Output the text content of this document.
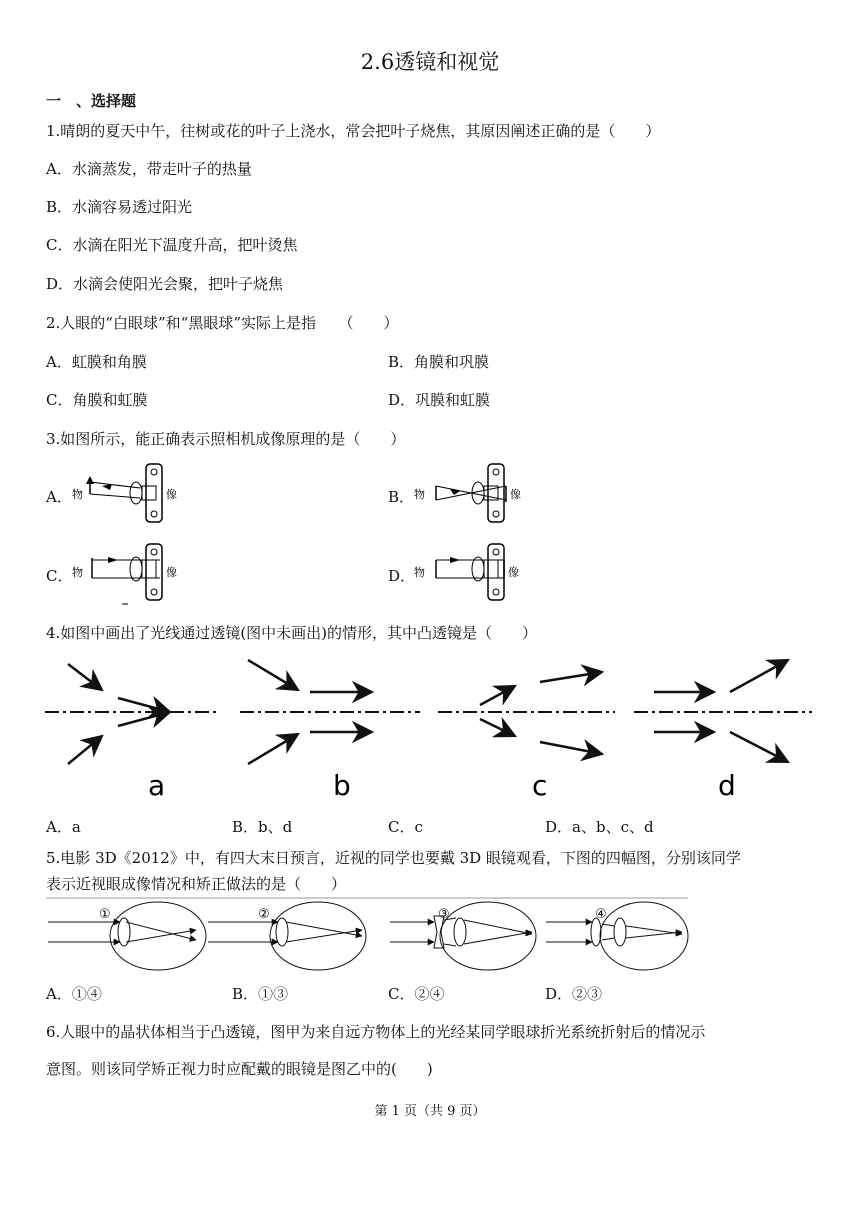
2.6透镜和视觉
一　、选择题
1.晴朗的夏天中午，往树或花的叶子上浇水，常会把叶子烧焦，其原因阐述正确的是（　　）
A．水滴蒸发，带走叶子的热量
B．水滴容易透过阳光
C．水滴在阳光下温度升高，把叶烫焦
D．水滴会使阳光会聚，把叶子烧焦
2.人眼的“白眼球”和“黑眼球”实际上是指　　（　　）
A．虹膜和角膜	B．角膜和巩膜
C．角膜和虹膜	D．巩膜和虹膜
3.如图所示，能正确表示照相机成像原理的是（　　）
A．	B．
C．	D．
物	像	物	像
物	像	物	像
4.如图中画出了光线通过透镜(图中未画出)的情形，其中凸透镜是（　　）
a	b	c	d
A．a	B．b、d	C．c	D．a、b、c、d
5.电影 3D《2012》中，有四大末日预言，近视的同学也要戴 3D 眼镜观看，下图的四幅图，分别该同学
表示近视眼成像情况和矫正做法的是（　　）
①	②	③	④
A．①④	B．①③	C．②④	D．②③
6.人眼中的晶状体相当于凸透镜，图甲为来自远方物体上的光经某同学眼球折光系统折射后的情况示
意图。则该同学矫正视力时应配戴的眼镜是图乙中的(　　)
第 1 页（共 9 页）
